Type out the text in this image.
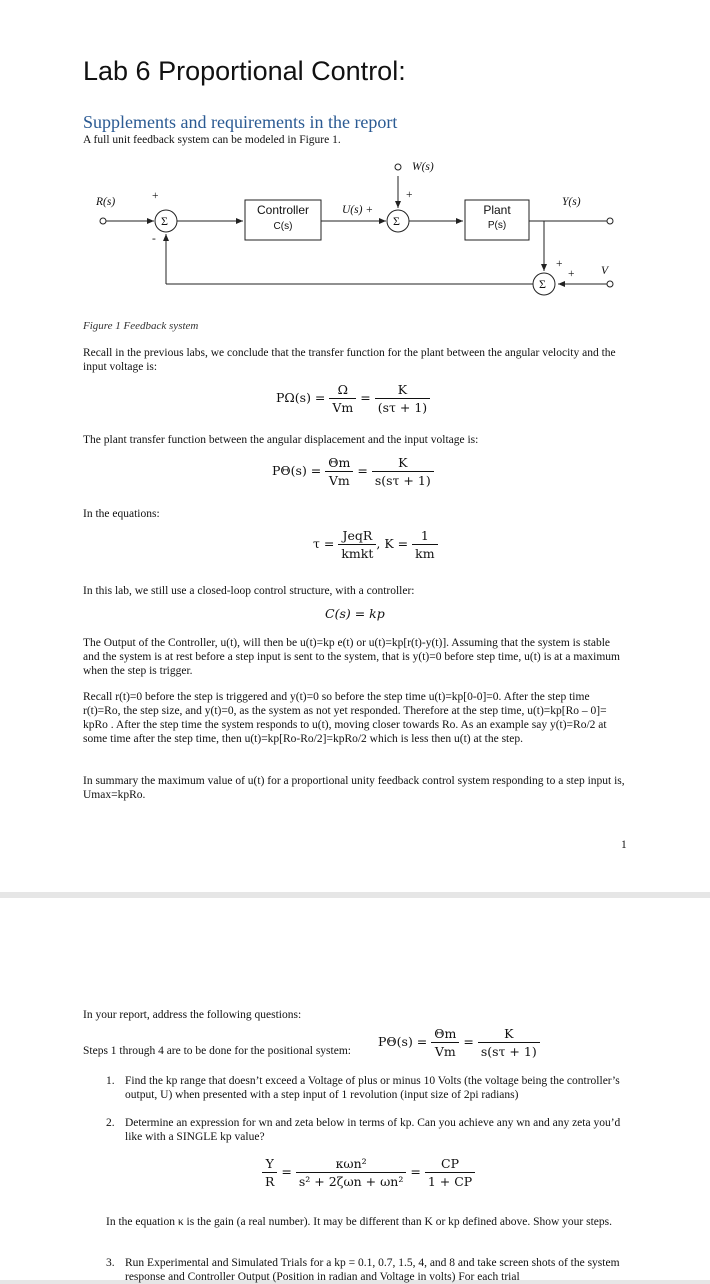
Lab 6 Proportional Control:
Supplements and requirements in the report
A full unit feedback system can be modeled in Figure 1.
R(s)	+
-
Σ
Controller
C(s)
U(s) +
W(s)
+
Σ
Plant
P(s)
Y(s)
+
+
Σ
V
Figure 1 Feedback system
Recall in the previous labs, we conclude that the transfer function for the plant between the angular velocity and the input voltage is:
$P\Omega(s) = \frac{\Omega}{Vm} = \frac{K}{(s\tau + 1)}$
The plant transfer function between the angular displacement and the input voltage is:
$P\Theta(s) = \frac{\Theta m}{Vm} = \frac{K}{s(s\tau + 1)}$
In the equations:
$\tau = \frac{\text{JeqR}}{\text{kmkt}}$ , $K = \frac{1}{km}$
In this lab, we still use a closed-loop control structure, with a controller:
C(s) = kp
The Output of the Controller, u(t), will then be u(t)=kp e(t) or u(t)=kp[r(t)-y(t)]. Assuming that the system is stable and the system is at rest before a step input is sent to the system, that is y(t)=0 before step time, u(t) is at a maximum when the step is trigger.
Recall r(t)=0 before the step is triggered and y(t)=0 so before the step time u(t)=kp[0-0]=0. After the step time r(t)=Ro, the step size, and y(t)=0, as the system as not yet responded. Therefore at the step time, u(t)=kp[Ro – 0]= kpRo . After the step time the system responds to u(t), moving closer towards Ro. As an example say y(t)=Ro/2 at some time after the step time, then u(t)=kp[Ro-Ro/2]=kpRo/2 which is less then u(t) at the step.
In summary the maximum value of u(t) for a proportional unity feedback control system responding to a step input is, Umax=kpRo.
1
In your report, address the following questions:
Steps 1 through 4 are to be done for the positional system:
$P\Theta(s) = \frac{\Theta m}{Vm} = \frac{K}{s(s\tau + 1)}$
1. Find the kp range that doesn’t exceed a Voltage of plus or minus 10 Volts (the voltage being the controller’s output, U) when presented with a step input of 1 revolution (input size of 2pi radians)
2. Determine an expression for wn and zeta below in terms of kp. Can you achieve any wn and any zeta you’d like with a SINGLE kp value?
$\frac{Y}{R} = \frac{\text{κωn²}}{\text{s² + 2ζωn + ωn²}} = \frac{CP}{1 + CP}$
In the equation κ is the gain (a real number). It may be different than K or kp defined above. Show your steps.
3. Run Experimental and Simulated Trials for a kp = 0.1, 0.7, 1.5, 4, and 8 and take screen shots of the system response and Controller Output (Position in radian and Voltage in volts) For each trial
